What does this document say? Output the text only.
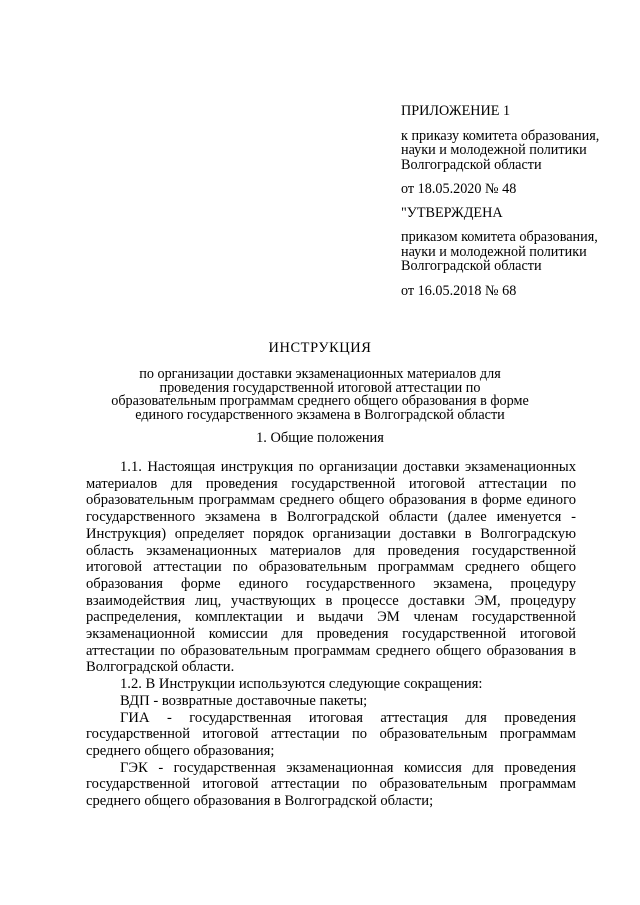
ПРИЛОЖЕНИЕ 1

к приказу комитета образования, науки и молодежной политики Волгоградской области

от 18.05.2020 № 48

"УТВЕРЖДЕНА

приказом комитета образования, науки и молодежной политики Волгоградской области

от 16.05.2018 № 68

ИНСТРУКЦИЯ
по организации доставки экзаменационных материалов для проведения государственной итоговой аттестации по образовательным программам среднего общего образования в форме единого государственного экзамена в Волгоградской области
1. Общие положения

1.1. Настоящая инструкция по организации доставки экзаменационных материалов для проведения государственной итоговой аттестации по образовательным программам среднего общего образования в форме единого государственного экзамена в Волгоградской области (далее именуется - Инструкция) определяет порядок организации доставки в Волгоградскую область экзаменационных материалов для проведения государственной итоговой аттестации по образовательным программам среднего общего образования форме единого государственного экзамена, процедуру взаимодействия лиц, участвующих в процессе доставки ЭМ, процедуру распределения, комплектации и выдачи ЭМ членам государственной экзаменационной комиссии для проведения государственной итоговой аттестации по образовательным программам среднего общего образования в Волгоградской области.

1.2. В Инструкции используются следующие сокращения:

ВДП - возвратные доставочные пакеты;

ГИА - государственная итоговая аттестация для проведения государственной итоговой аттестации по образовательным программам среднего общего образования;

ГЭК - государственная экзаменационная комиссия для проведения государственной итоговой аттестации по образовательным программам среднего общего образования в Волгоградской области;
